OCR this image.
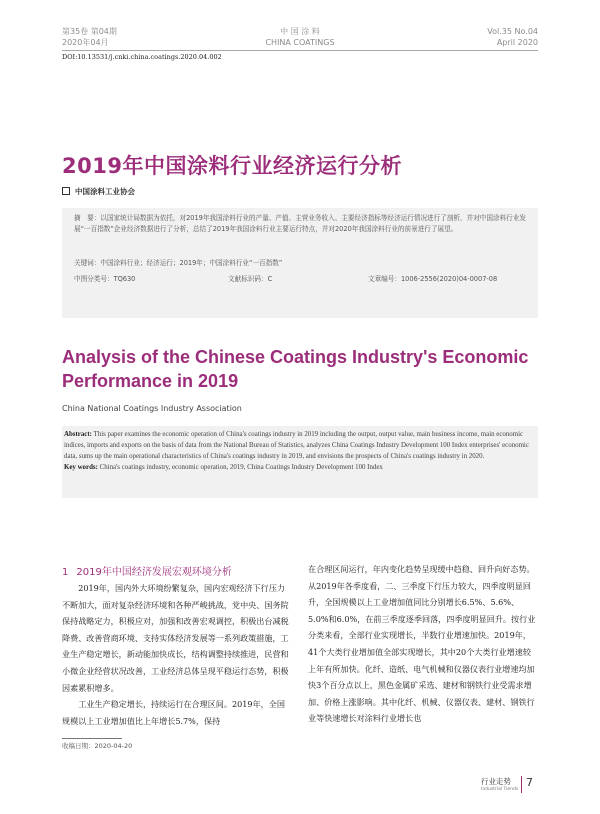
第35卷 第04期
2020年04月
中 国 涂 料
CHINA COATINGS
Vol.35 No.04
April 2020
DOI:10.13531/j.cnki.china.coatings.2020.04.002
2019年中国涂料行业经济运行分析
中国涂料工业协会
摘　要：以国家统计局数据为依托，对2019年我国涂料行业的产量、产值、主营业务收入、主要经济指标等经济运行情况进行了剖析，并对中国涂料行业发展“一百指数”企业经济数据进行了分析，总结了2019年我国涂料行业主要运行特点，并对2020年我国涂料行业的前景进行了展望。
关键词：中国涂料行业；经济运行；2019年；中国涂料行业“一百指数”
中图分类号：TQ630	文献标识码：C	文章编号：1006-2556(2020)04-0007-08
Analysis of the Chinese Coatings Industry's Economic Performance in 2019
China National Coatings Industry Association
Abstract: This paper examines the economic operation of China's coatings industry in 2019 including the output, output value, main business income, main economic indices, imports and exports on the basis of data from the National Bureau of Statistics, analyzes China Coatings Industry Development 100 Index enterprises' economic data, sums up the main operational characteristics of China's coatings industry in 2019, and envisions the prospects of China's coatings industry in 2020.
Key words: China's coatings industry, economic operation, 2019, China Coatings Industry Development 100 Index
1 2019年中国经济发展宏观环境分析

2019年，国内外大环境纷繁复杂，国内宏观经济下行压力不断加大，面对复杂经济环境和各种严峻挑战，党中央、国务院保持战略定力，积极应对，加强和改善宏观调控，积极出台减税降费、改善营商环境、支持实体经济发展等一系列政策措施，工业生产稳定增长，新动能加快成长，结构调整持续推进，民营和小微企业经营状况改善，工业经济总体呈现平稳运行态势，积极因素累积增多。

工业生产稳定增长，持续运行在合理区间。2019年，全国规模以上工业增加值比上年增长5.7%，保持

在合理区间运行，年内变化趋势呈现缓中趋稳、回升向好态势。从2019年各季度看，二、三季度下行压力较大，四季度明显回升，全国规模以上工业增加值同比分别增长6.5%、5.6%、5.0%和6.0%，在前三季度逐季回落，四季度明显回升。按行业分类来看，全部行业实现增长，半数行业增速加快。2019年，41个大类行业增加值全部实现增长，其中20个大类行业增速较上年有所加快。化纤、造纸、电气机械和仪器仪表行业增速均加快3个百分点以上，黑色金属矿采选、建材和钢铁行业受需求增加、价格上涨影响。其中化纤、机械、仪器仪表、建材、钢铁行业等快速增长对涂料行业增长也

收稿日期：2020-04-20
行业走势
Industrial Trends
7
